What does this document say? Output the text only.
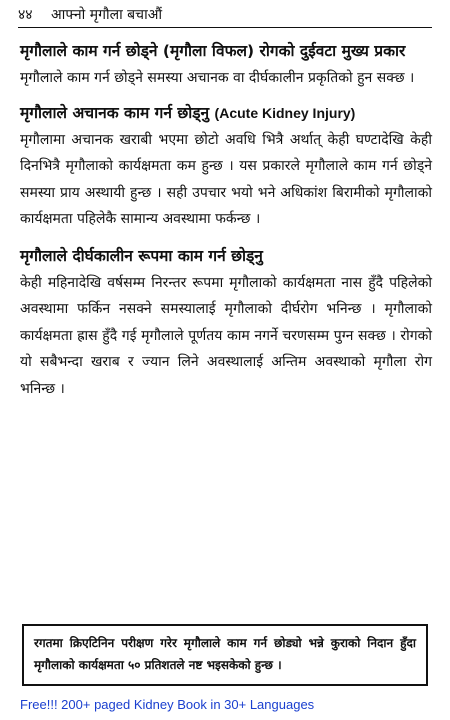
४४ आफ्नो मृगौला बचाऔं
मृगौलाले काम गर्न छोड्ने (मृगौला विफल) रोगको दुईवटा मुख्य प्रकार

मृगौलाले काम गर्न छोड्ने समस्या अचानक वा दीर्घकालीन प्रकृतिको हुन सक्छ ।

मृगौलाले अचानक काम गर्न छोड्नु (Acute Kidney Injury)

मृगौलामा अचानक खराबी भएमा छोटो अवधि भित्रै अर्थात् केही घण्टादेखि केही दिनभित्रै मृगौलाको कार्यक्षमता कम हुन्छ । यस प्रकारले मृगौलाले काम गर्न छोड्ने समस्या प्राय अस्थायी हुन्छ । सही उपचार भयो भने अधिकांश बिरामीको मृगौलाको कार्यक्षमता पहिलेकै सामान्य अवस्थामा फर्कन्छ ।

मृगौलाले दीर्घकालीन रूपमा काम गर्न छोड्नु

केही महिनादेखि वर्षसम्म निरन्तर रूपमा मृगौलाको कार्यक्षमता नास हुँदै पहिलेको अवस्थामा फर्किन नसक्ने समस्यालाई मृगौलाको दीर्घरोग भनिन्छ । मृगौलाको कार्यक्षमता ह्रास हुँदै गई मृगौलाले पूर्णतय काम नगर्ने चरणसम्म पुग्न सक्छ । रोगको यो सबैभन्दा खराब र ज्यान लिने अवस्थालाई अन्तिम अवस्थाको मृगौला रोग भनिन्छ ।

रगतमा क्रिएटिनिन परीक्षण गरेर मृगौलाले काम गर्न छोड्यो भन्ने कुराको निदान हुँदा मृगौलाको कार्यक्षमता ५० प्रतिशतले नष्ट भइसकेको हुन्छ ।
Free!!! 200+ paged Kidney Book in 30+ Languages
